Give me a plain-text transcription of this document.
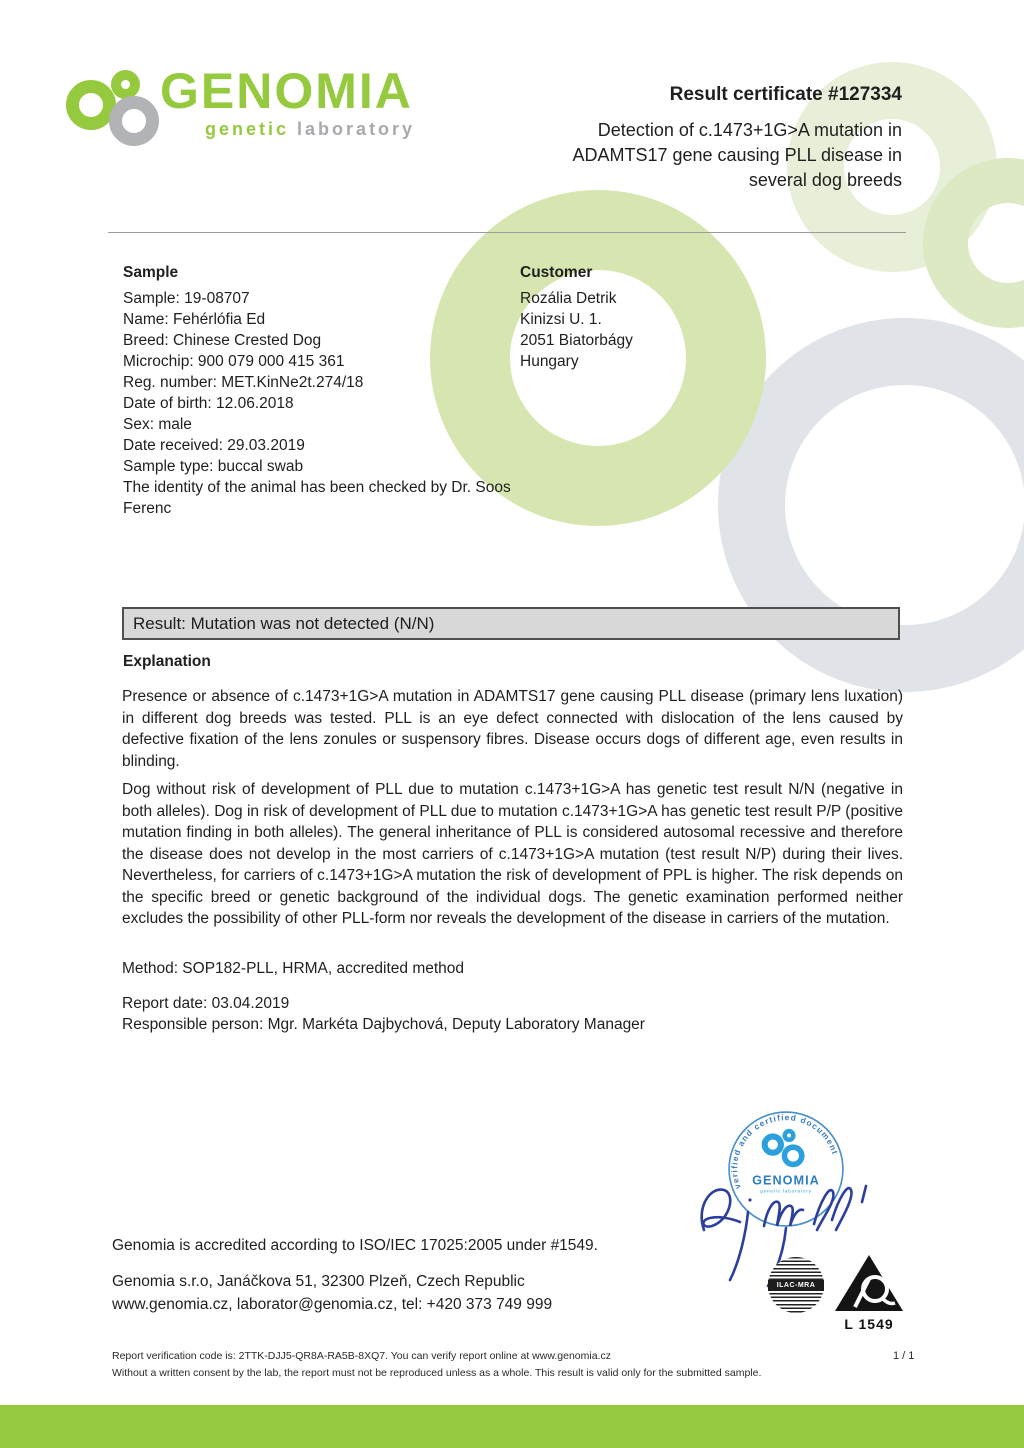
GENOMIA
genetic laboratory
Result certificate #127334
Detection of c.1473+1G>A mutation in
ADAMTS17 gene causing PLL disease in
several dog breeds
Sample
Sample: 19-08707
Name: Fehérlófia Ed
Breed: Chinese Crested Dog
Microchip: 900 079 000 415 361
Reg. number: MET.KinNe2t.274/18
Date of birth: 12.06.2018
Sex: male
Date received: 29.03.2019
Sample type: buccal swab
The identity of the animal has been checked by Dr. Soos Ferenc
Customer
Rozália Detrik
Kinizsi U. 1.
2051 Biatorbágy
Hungary
Result: Mutation was not detected (N/N)
Explanation
Presence or absence of c.1473+1G>A mutation in ADAMTS17 gene causing PLL disease (primary lens luxation) in different dog breeds was tested. PLL is an eye defect connected with dislocation of the lens caused by defective fixation of the lens zonules or suspensory fibres. Disease occurs dogs of different age, even results in blinding.
Dog without risk of development of PLL due to mutation c.1473+1G>A has genetic test result N/N (negative in both alleles). Dog in risk of development of PLL due to mutation c.1473+1G>A has genetic test result P/P (positive mutation finding in both alleles). The general inheritance of PLL is considered autosomal recessive and therefore the disease does not develop in the most carriers of c.1473+1G>A mutation (test result N/P) during their lives. Nevertheless, for carriers of c.1473+1G>A mutation the risk of development of PPL is higher. The risk depends on the specific breed or genetic background of the individual dogs. The genetic examination performed neither excludes the possibility of other PLL-form nor reveals the development of the disease in carriers of the mutation.
Method: SOP182-PLL, HRMA, accredited method
Report date: 03.04.2019
Responsible person: Mgr. Markéta Dajbychová, Deputy Laboratory Manager
verified and certified document
GENOMIA
genetic laboratory
Genomia is accredited according to ISO/IEC 17025:2005 under #1549.
Genomia s.r.o, Janáčkova 51, 32300 Plzeň, Czech Republic
www.genomia.cz, laborator@genomia.cz, tel: +420 373 749 999
ILAC-MRA
L 1549
Report verification code is: 2TTK-DJJ5-QR8A-RA5B-8XQ7. You can verify report online at www.genomia.cz
Without a written consent by the lab, the report must not be reproduced unless as a whole. This result is valid only for the submitted sample.
1 / 1
